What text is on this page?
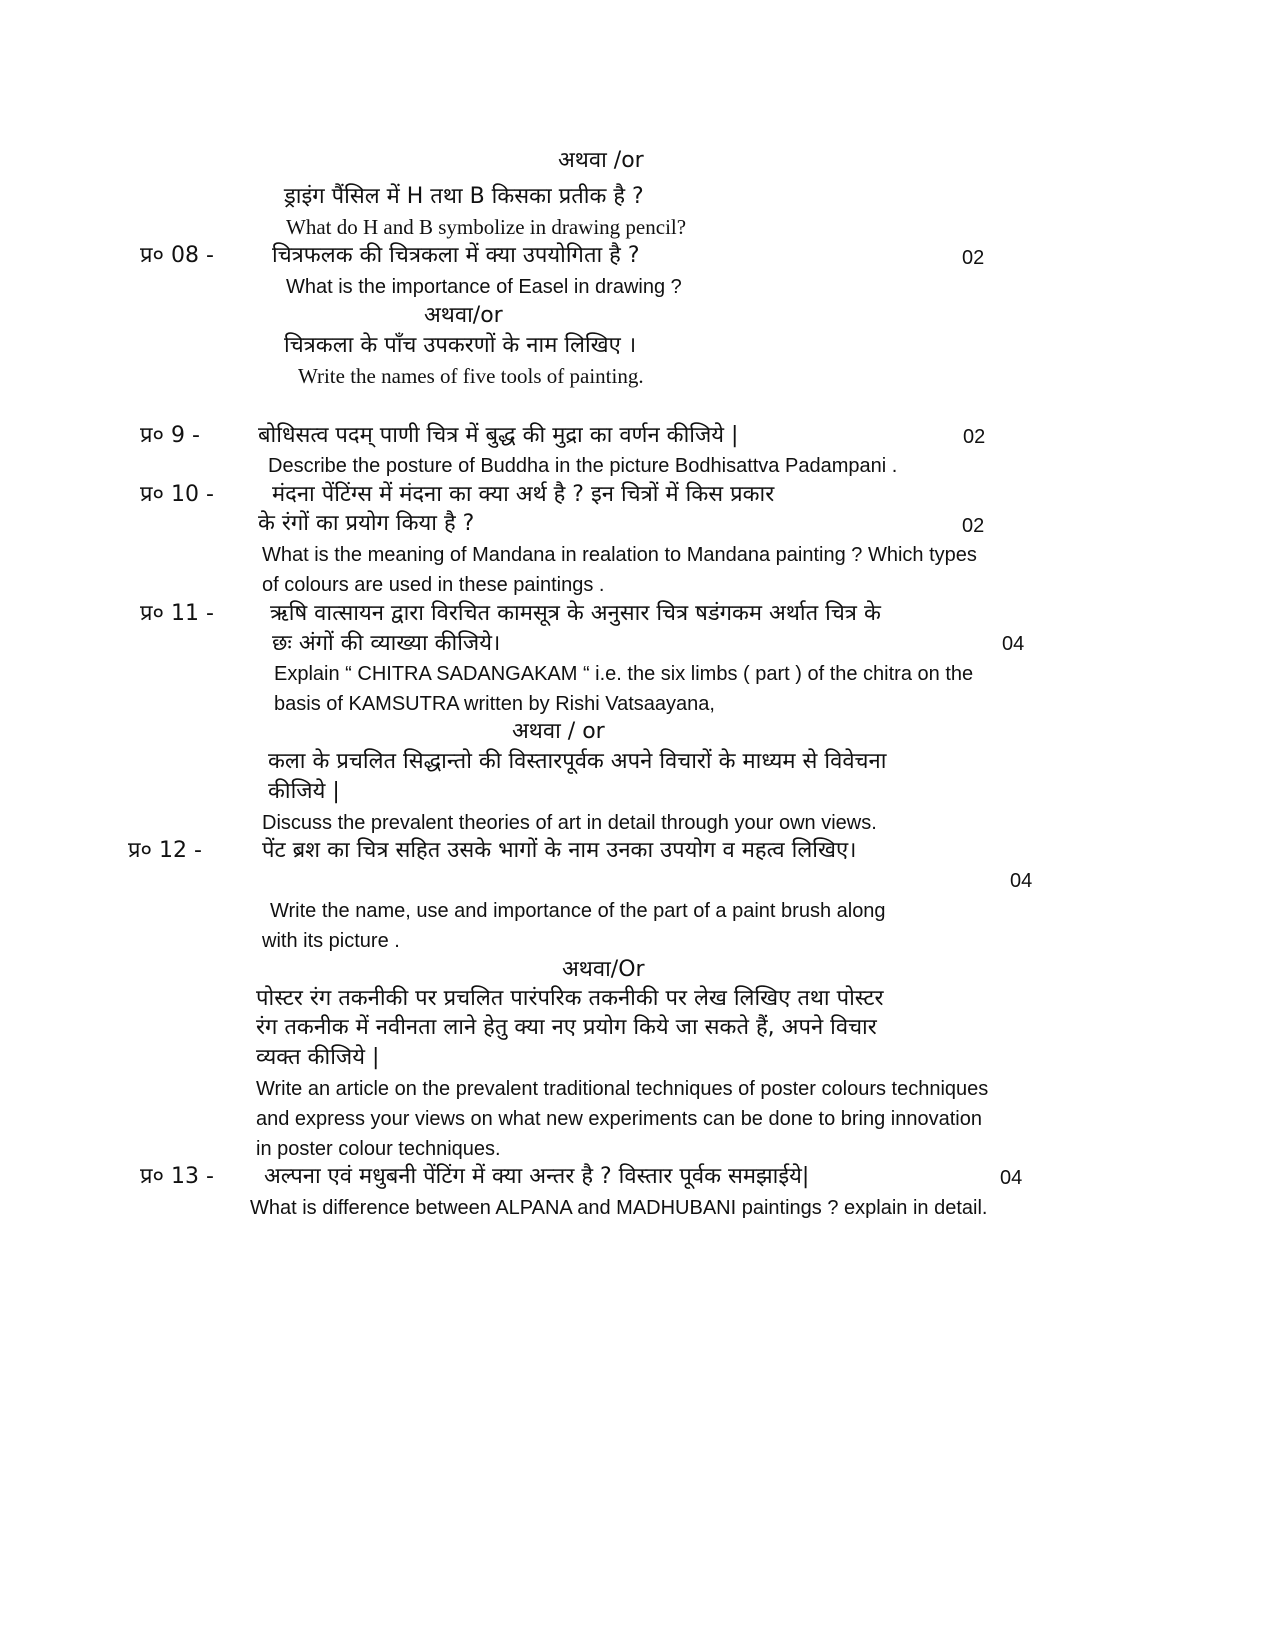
अथवा /or
ड्राइंग पैंसिल में H तथा B किसका प्रतीक है ?
What do H and B symbolize in drawing pencil?
प्र० 08 -	चित्रफलक की चित्रकला में क्या उपयोगिता है ?	02
What is the importance of Easel in drawing ?
अथवा/or
चित्रकला के पाँच उपकरणों के नाम लिखिए ।
Write the names of five tools of painting.
प्र० 9 -	बोधिसत्व पदम् पाणी चित्र में बुद्ध की मुद्रा का वर्णन कीजिये |	02
Describe the posture of Buddha in the picture Bodhisattva Padampani .
प्र० 10 -	मंदना पेंटिंग्स में मंदना का क्या अर्थ है ? इन चित्रों में किस प्रकार
के रंगों का प्रयोग किया है ?	02
What is the meaning of Mandana in realation to Mandana painting ? Which types
of colours are used in these paintings .
प्र० 11 -	ऋषि वात्सायन द्वारा विरचित कामसूत्र के अनुसार चित्र षडंगकम अर्थात चित्र के
छः अंगों की व्याख्या कीजिये।	04
Explain “ CHITRA SADANGAKAM “ i.e. the six limbs ( part ) of the chitra on the
basis of KAMSUTRA written by Rishi Vatsaayana,
अथवा / or
कला के प्रचलित सिद्धान्तो की विस्तारपूर्वक अपने विचारों के माध्यम से विवेचना
कीजिये |
Discuss the prevalent theories of art in detail through your own views.
प्र० 12 -	पेंट ब्रश का चित्र सहित उसके भागों के नाम उनका उपयोग व महत्व लिखिए।
04
Write the name, use and importance of the part of a paint brush along
with its picture .
अथवा/Or
पोस्टर रंग तकनीकी पर प्रचलित पारंपरिक तकनीकी पर लेख लिखिए तथा पोस्टर
रंग तकनीक में नवीनता लाने हेतु क्या नए प्रयोग किये जा सकते हैं, अपने विचार
व्यक्त कीजिये |
Write an article on the prevalent traditional techniques of poster colours techniques
and express your views on what new experiments can be done to bring innovation
in poster colour techniques.
प्र० 13 - अल्पना एवं मधुबनी पेंटिंग में क्या अन्तर है ? विस्तार पूर्वक समझाईये|	04
What is difference between ALPANA and MADHUBANI paintings ? explain in detail.
